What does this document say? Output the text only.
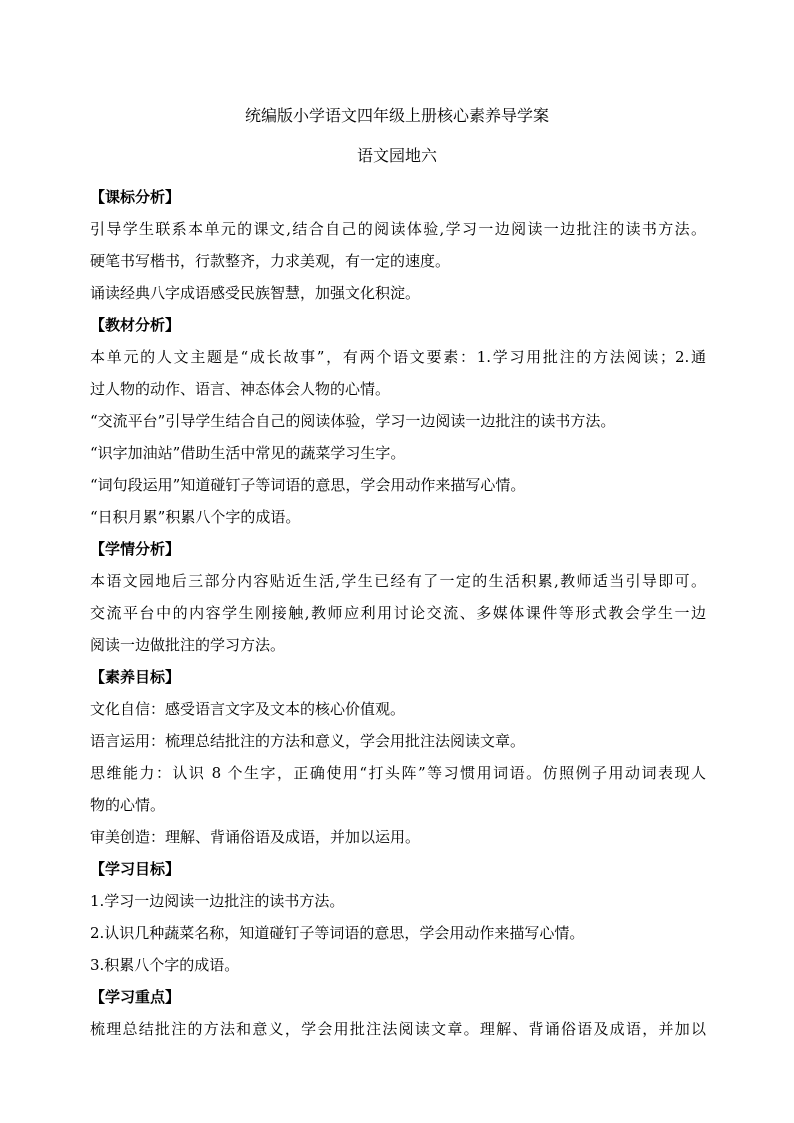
统编版小学语文四年级上册核心素养导学案
语文园地六
【课标分析】
引导学生联系本单元的课文,结合自己的阅读体验,学习一边阅读一边批注的读书方法。
硬笔书写楷书，行款整齐，力求美观，有一定的速度。
诵读经典八字成语感受民族智慧，加强文化积淀。
【教材分析】
本单元的人文主题是“成长故事”，有两个语文要素：1.学习用批注的方法阅读；2.通
过人物的动作、语言、神态体会人物的心情。
“交流平台”引导学生结合自己的阅读体验，学习一边阅读一边批注的读书方法。
“识字加油站”借助生活中常见的蔬菜学习生字。
“词句段运用”知道碰钉子等词语的意思，学会用动作来描写心情。
“日积月累”积累八个字的成语。
【学情分析】
本语文园地后三部分内容贴近生活,学生已经有了一定的生活积累,教师适当引导即可。
交流平台中的内容学生刚接触,教师应利用讨论交流、多媒体课件等形式教会学生一边
阅读一边做批注的学习方法。
【素养目标】
文化自信：感受语言文字及文本的核心价值观。
语言运用：梳理总结批注的方法和意义，学会用批注法阅读文章。
思维能力：认识 8 个生字，正确使用“打头阵”等习惯用词语。仿照例子用动词表现人
物的心情。
审美创造：理解、背诵俗语及成语，并加以运用。
【学习目标】
1.学习一边阅读一边批注的读书方法。
2.认识几种蔬菜名称，知道碰钉子等词语的意思，学会用动作来描写心情。
3.积累八个字的成语。
【学习重点】
梳理总结批注的方法和意义，学会用批注法阅读文章。理解、背诵俗语及成语，并加以
